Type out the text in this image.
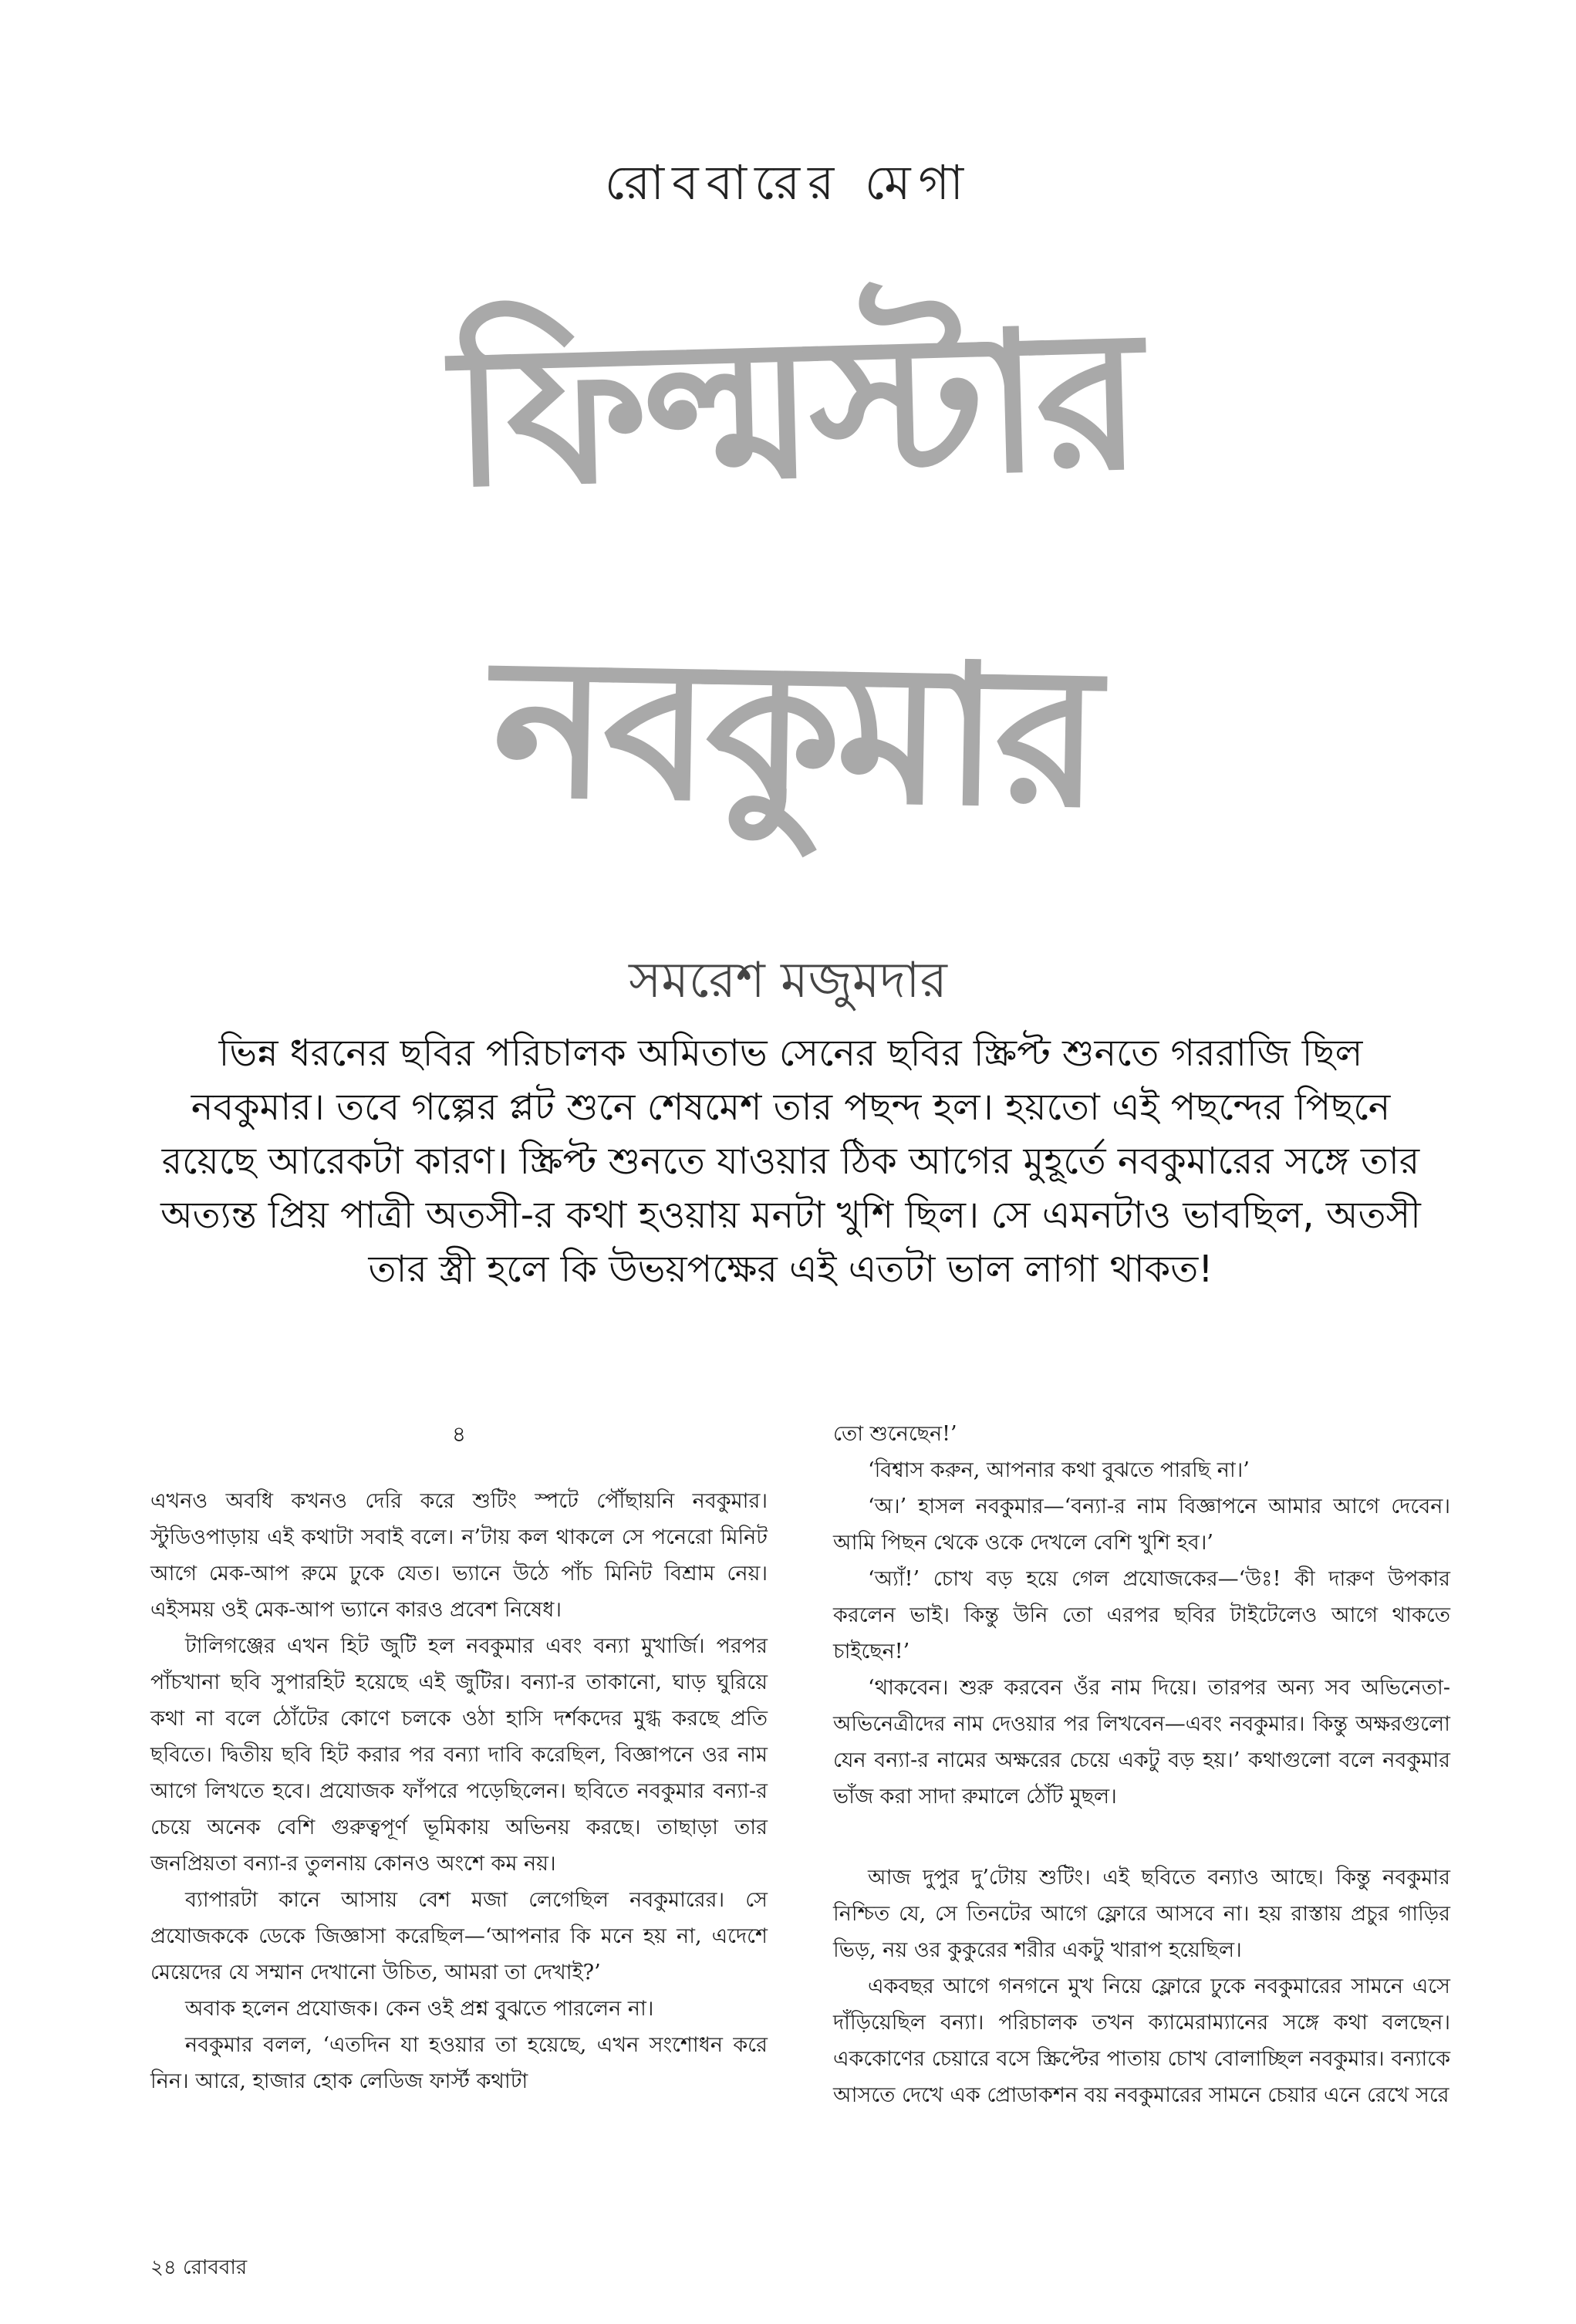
রোববারের মেগা
ফিল্মস্টার
নবকুমার
সমরেশ মজুমদার
ভিন্ন ধরনের ছবির পরিচালক অমিতাভ সেনের ছবির স্ক্রিপ্ট শুনতে গররাজি ছিল নবকুমার। তবে গল্পের প্লট শুনে শেষমেশ তার পছন্দ হল। হয়তো এই পছন্দের পিছনে রয়েছে আরেকটা কারণ। স্ক্রিপ্ট শুনতে যাওয়ার ঠিক আগের মুহূর্তে নবকুমারের সঙ্গে তার অত্যন্ত প্রিয় পাত্রী অতসী-র কথা হওয়ায় মনটা খুশি ছিল। সে এমনটাও ভাবছিল, অতসী তার স্ত্রী হলে কি উভয়পক্ষের এই এতটা ভাল লাগা থাকত!
৪

এখনও অবধি কখনও দেরি করে শুটিং স্পটে পৌঁছায়নি নবকুমার। স্টুডিওপাড়ায় এই কথাটা সবাই বলে। ন’টায় কল থাকলে সে পনেরো মিনিট আগে মেক-আপ রুমে ঢুকে যেত। ভ্যানে উঠে পাঁচ মিনিট বিশ্রাম নেয়। এইসময় ওই মেক-আপ ভ্যানে কারও প্রবেশ নিষেধ।

টালিগঞ্জের এখন হিট জুটি হল নবকুমার এবং বন্যা মুখার্জি। পরপর পাঁচখানা ছবি সুপারহিট হয়েছে এই জুটির। বন্যা-র তাকানো, ঘাড় ঘুরিয়ে কথা না বলে ঠোঁটের কোণে চলকে ওঠা হাসি দর্শকদের মুগ্ধ করছে প্রতি ছবিতে। দ্বিতীয় ছবি হিট করার পর বন্যা দাবি করেছিল, বিজ্ঞাপনে ওর নাম আগে লিখতে হবে। প্রযোজক ফাঁপরে পড়েছিলেন। ছবিতে নবকুমার বন্যা-র চেয়ে অনেক বেশি গুরুত্বপূর্ণ ভূমিকায় অভিনয় করছে। তাছাড়া তার জনপ্রিয়তা বন্যা-র তুলনায় কোনও অংশে কম নয়।

ব্যাপারটা কানে আসায় বেশ মজা লেগেছিল নবকুমারের। সে প্রযোজককে ডেকে জিজ্ঞাসা করেছিল—‘আপনার কি মনে হয় না, এদেশে মেয়েদের যে সম্মান দেখানো উচিত, আমরা তা দেখাই?’

অবাক হলেন প্রযোজক। কেন ওই প্রশ্ন বুঝতে পারলেন না।

নবকুমার বলল, ‘এতদিন যা হওয়ার তা হয়েছে, এখন সংশোধন করে নিন। আরে, হাজার হোক লেডিজ ফার্স্ট কথাটা

তো শুনেছেন!’

‘বিশ্বাস করুন, আপনার কথা বুঝতে পারছি না।’

‘অ।’ হাসল নবকুমার—‘বন্যা-র নাম বিজ্ঞাপনে আমার আগে দেবেন। আমি পিছন থেকে ওকে দেখলে বেশি খুশি হব।’

‘অ্যাঁ!’ চোখ বড় হয়ে গেল প্রযোজকের—‘উঃ! কী দারুণ উপকার করলেন ভাই। কিন্তু উনি তো এরপর ছবির টাইটেলেও আগে থাকতে চাইছেন!’

‘থাকবেন। শুরু করবেন ওঁর নাম দিয়ে। তারপর অন্য সব অভিনেতা-অভিনেত্রীদের নাম দেওয়ার পর লিখবেন—এবং নবকুমার। কিন্তু অক্ষরগুলো যেন বন্যা-র নামের অক্ষরের চেয়ে একটু বড় হয়।’ কথাগুলো বলে নবকুমার ভাঁজ করা সাদা রুমালে ঠোঁট মুছল।

আজ দুপুর দু’টোয় শুটিং। এই ছবিতে বন্যাও আছে। কিন্তু নবকুমার নিশ্চিত যে, সে তিনটের আগে ফ্লোরে আসবে না। হয় রাস্তায় প্রচুর গাড়ির ভিড়, নয় ওর কুকুরের শরীর একটু খারাপ হয়েছিল।

একবছর আগে গনগনে মুখ নিয়ে ফ্লোরে ঢুকে নবকুমারের সামনে এসে দাঁড়িয়েছিল বন্যা। পরিচালক তখন ক্যামেরাম্যানের সঙ্গে কথা বলছেন। এককোণের চেয়ারে বসে স্ক্রিপ্টের পাতায় চোখ বোলাচ্ছিল নবকুমার। বন্যাকে আসতে দেখে এক প্রোডাকশন বয় নবকুমারের সামনে চেয়ার এনে রেখে সরে

২৪ রোববার
